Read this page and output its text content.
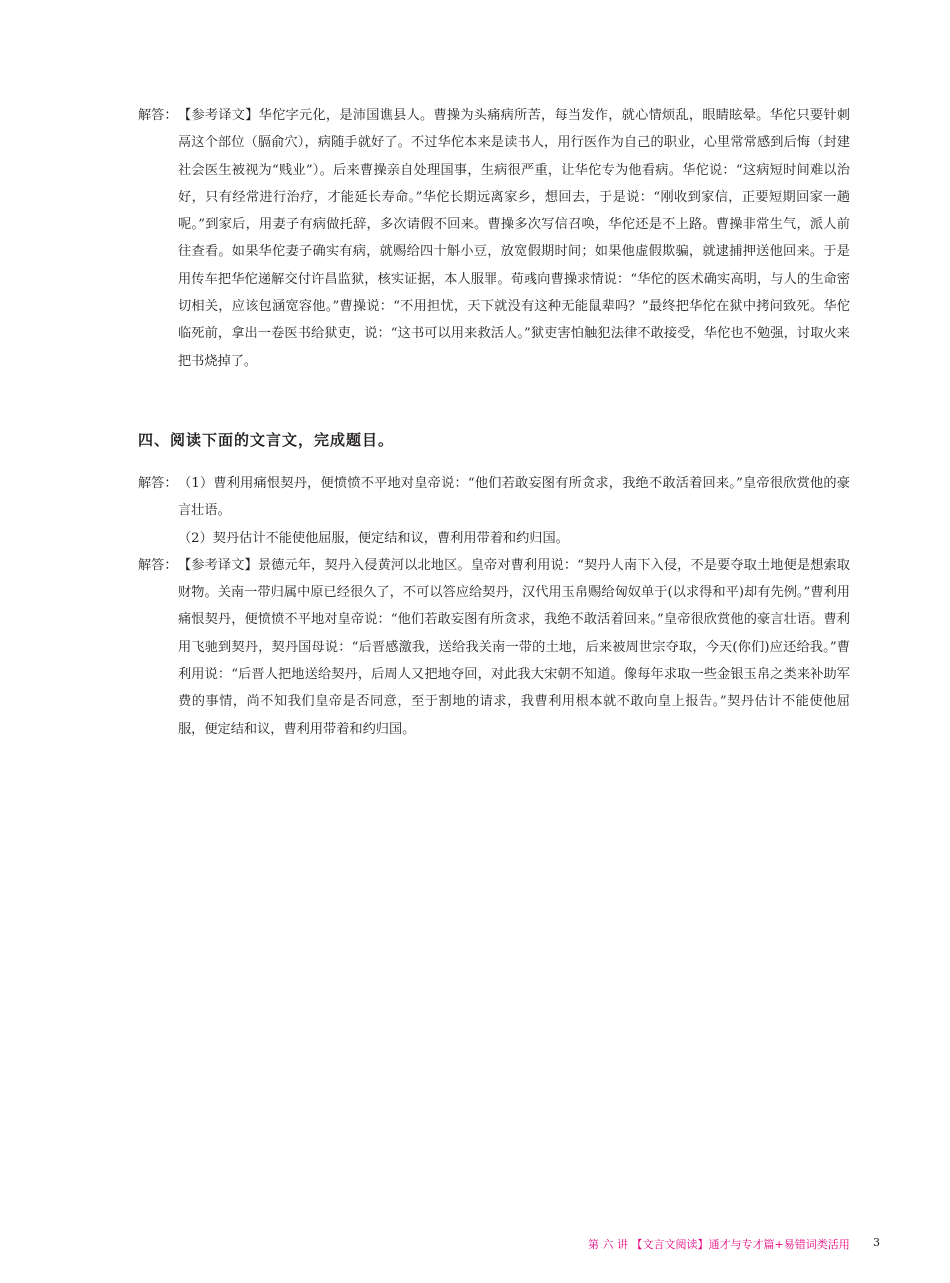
解答： 【参考译文】华佗字元化，是沛国谯县人。曹操为头痛病所苦，每当发作，就心情烦乱，眼睛眩晕。华佗只要针刺鬲这个部位（膈俞穴），病随手就好了。不过华佗本来是读书人，用行医作为自己的职业，心里常常感到后悔（封建社会医生被视为“贱业”）。后来曹操亲自处理国事，生病很严重，让华佗专为他看病。华佗说：“这病短时间难以治好，只有经常进行治疗，才能延长寿命。”华佗长期远离家乡，想回去，于是说：“刚收到家信，正要短期回家一趟呢。”到家后，用妻子有病做托辞，多次请假不回来。曹操多次写信召唤，华佗还是不上路。曹操非常生气，派人前往查看。如果华佗妻子确实有病，就赐给四十斛小豆，放宽假期时间；如果他虚假欺骗，就逮捕押送他回来。于是用传车把华佗递解交付许昌监狱，核实证据，本人服罪。荀彧向曹操求情说：“华佗的医术确实高明，与人的生命密切相关，应该包涵宽容他。”曹操说：“不用担忧，天下就没有这种无能鼠辈吗？”最终把华佗在狱中拷问致死。华佗临死前，拿出一卷医书给狱吏，说：“这书可以用来救活人。”狱吏害怕触犯法律不敢接受，华佗也不勉强，讨取火来把书烧掉了。
四、阅读下面的文言文，完成题目。
解答： （1）曹利用痛恨契丹，便愤愤不平地对皇帝说：“他们若敢妄图有所贪求，我绝不敢活着回来。”皇帝很欣赏他的豪言壮语。
（2）契丹估计不能使他屈服，便定结和议，曹利用带着和约归国。
解答： 【参考译文】景德元年，契丹入侵黄河以北地区。皇帝对曹利用说：“契丹人南下入侵，不是要夺取土地便是想索取财物。关南一带归属中原已经很久了，不可以答应给契丹，汉代用玉帛赐给匈奴单于(以求得和平)却有先例。”曹利用痛恨契丹，便愤愤不平地对皇帝说：“他们若敢妄图有所贪求，我绝不敢活着回来。”皇帝很欣赏他的豪言壮语。曹利用飞驰到契丹，契丹国母说：“后晋感激我，送给我关南一带的土地，后来被周世宗夺取，今天(你们)应还给我。”曹利用说：“后晋人把地送给契丹，后周人又把地夺回，对此我大宋朝不知道。像每年求取一些金银玉帛之类来补助军费的事情，尚不知我们皇帝是否同意，至于割地的请求，我曹利用根本就不敢向皇上报告。”契丹估计不能使他屈服，便定结和议，曹利用带着和约归国。
第 六 讲 【文言文阅读】通才与专才篇+易错词类活用 3
